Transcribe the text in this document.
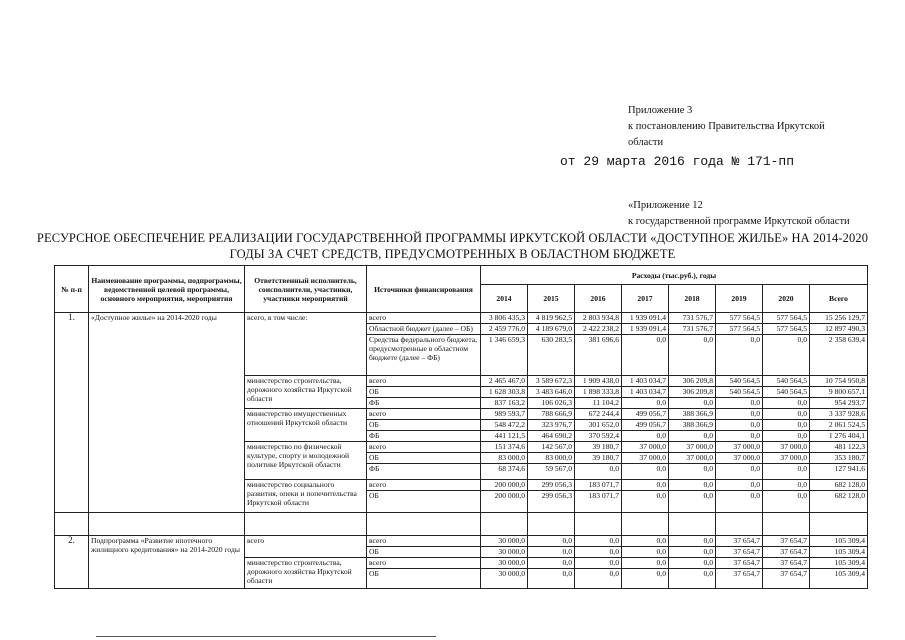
Приложение 3
к постановлению Правительства Иркутской
области
от 29 марта 2016 года № 171-пп
«Приложение 12
к государственной программе Иркутской области
РЕСУРСНОЕ ОБЕСПЕЧЕНИЕ РЕАЛИЗАЦИИ ГОСУДАРСТВЕННОЙ ПРОГРАММЫ ИРКУТСКОЙ ОБЛАСТИ «ДОСТУПНОЕ ЖИЛЬЕ» НА 2014-2020
ГОДЫ ЗА СЧЕТ СРЕДСТВ, ПРЕДУСМОТРЕННЫХ В ОБЛАСТНОМ БЮДЖЕТЕ
№ п-п	Наименование программы, подпрограммы, ведомственной целевой программы, основного мероприятия, мероприятия	Ответственный исполнитель, соисполнители, участники, участники мероприятий	Источники финансирования	Расходы (тыс.руб.), годы							
				2014	2015	2016	2017	2018	2019	2020	Всего
1.	«Доступное жилье» на 2014-2020 годы	всего, в том числе:	всего	3 806 435,3	4 819 962,5	2 803 934,8	1 939 091,4	731 576,7	577 564,5	577 564,5	15 256 129,7
			Областной бюджет (далее – ОБ)	2 459 776,0	4 189 679,0	2 422 238,2	1 939 091,4	731 576,7	577 564,5	577 564,5	12 897 490,3
			Средства федерального бюджета, предусмотренные в областном бюджете (далее – ФБ)	1 346 659,3	630 283,5	381 696,6	0,0	0,0	0,0	0,0	2 358 639,4
		министерство строительства, дорожного хозяйства Иркутской области	всего	2 465 467,0	3 589 672,3	1 909 438,0	1 403 034,7	306 209,8	540 564,5	540 564,5	10 754 950,8
			ОБ	1 628 303,8	3 483 646,0	1 898 333,8	1 403 034,7	306 209,8	540 564,5	540 564,5	9 800 657,1
			ФБ	837 163,2	106 026,3	11 104,2	0,0	0,0	0,0	0,0	954 293,7
		министерство имущественных отношений Иркутской области	всего	989 593,7	788 666,9	672 244,4	499 056,7	388 366,9	0,0	0,0	3 337 928,6
			ОБ	548 472,2	323 976,7	301 652,0	499 056,7	388 366,9	0,0	0,0	2 061 524,5
			ФБ	441 121,5	464 690,2	370 592,4	0,0	0,0	0,0	0,0	1 276 404,1
		министерство по физической культуре, спорту и молодежной политике Иркутской области	всего	151 374,6	142 567,0	39 180,7	37 000,0	37 000,0	37 000,0	37 000,0	481 122,3
			ОБ	83 000,0	83 000,0	39 180,7	37 000,0	37 000,0	37 000,0	37 000,0	353 180,7
			ФБ	68 374,6	59 567,0	0,0	0,0	0,0	0,0	0,0	127 941,6
		министерство социального развития, опеки и попечительства Иркутской области	всего	200 000,0	299 056,3	183 071,7	0,0	0,0	0,0	0,0	682 128,0
			ОБ	200 000,0	299 056,3	183 071,7	0,0	0,0	0,0	0,0	682 128,0

2.	Подпрограмма «Развитие ипотечного жилищного кредитования» на 2014-2020 годы	всего	всего	30 000,0	0,0	0,0	0,0	0,0	37 654,7	37 654,7	105 309,4
			ОБ	30 000,0	0,0	0,0	0,0	0,0	37 654,7	37 654,7	105 309,4
		министерство строительства, дорожного хозяйства Иркутской области	всего	30 000,0	0,0	0,0	0,0	0,0	37 654,7	37 654,7	105 309,4
			ОБ	30 000,0	0,0	0,0	0,0	0,0	37 654,7	37 654,7	105 309,4
